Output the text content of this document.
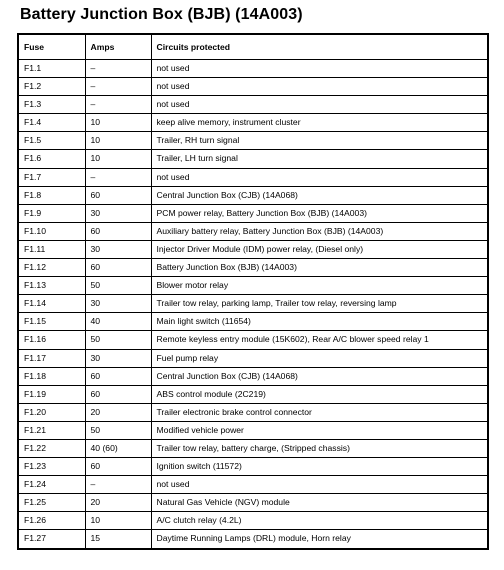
Battery Junction Box (BJB) (14A003)
Fuse	Amps	Circuits protected
F1.1	–	not used
F1.2	–	not used
F1.3	–	not used
F1.4	10	keep alive memory, instrument cluster
F1.5	10	Trailer, RH turn signal
F1.6	10	Trailer, LH turn signal
F1.7	–	not used
F1.8	60	Central Junction Box (CJB) (14A068)
F1.9	30	PCM power relay, Battery Junction Box (BJB) (14A003)
F1.10	60	Auxiliary battery relay, Battery Junction Box (BJB) (14A003)
F1.11	30	Injector Driver Module (IDM) power relay, (Diesel only)
F1.12	60	Battery Junction Box (BJB) (14A003)
F1.13	50	Blower motor relay
F1.14	30	Trailer tow relay, parking lamp, Trailer tow relay, reversing lamp
F1.15	40	Main light switch (11654)
F1.16	50	Remote keyless entry module (15K602), Rear A/C blower speed relay 1
F1.17	30	Fuel pump relay
F1.18	60	Central Junction Box (CJB) (14A068)
F1.19	60	ABS control module (2C219)
F1.20	20	Trailer electronic brake control connector
F1.21	50	Modified vehicle power
F1.22	40 (60)	Trailer tow relay, battery charge, (Stripped chassis)
F1.23	60	Ignition switch (11572)
F1.24	–	not used
F1.25	20	Natural Gas Vehicle (NGV) module
F1.26	10	A/C clutch relay (4.2L)
F1.27	15	Daytime Running Lamps (DRL) module, Horn relay
